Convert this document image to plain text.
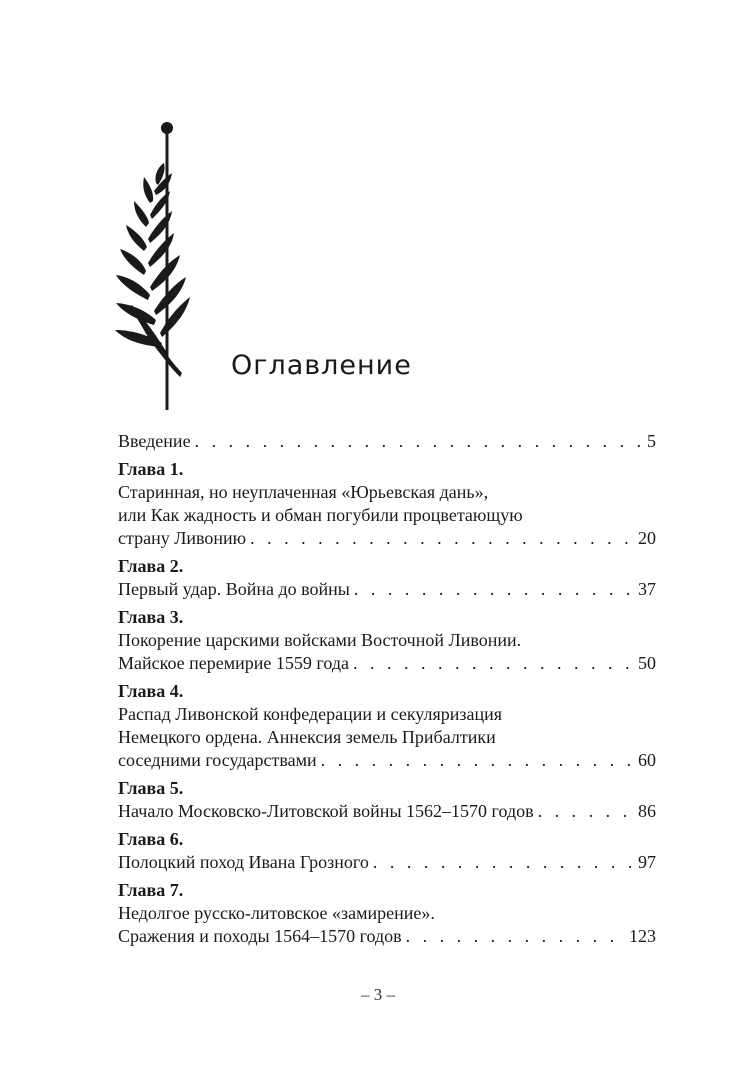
Оглавление
Введение . . .	5
Глава 1.
Старинная, но неуплаченная «Юрьевская дань»,
или Как жадность и обман погубили процветающую
страну Ливонию . . .	20
Глава 2.
Первый удар. Война до войны . . .	37
Глава 3.
Покорение царскими войсками Восточной Ливонии.
Майское перемирие 1559 года . . .	50
Глава 4.
Распад Ливонской конфедерации и секуляризация
Немецкого ордена. Аннексия земель Прибалтики
соседними государствами . . .	60
Глава 5.
Начало Московско-Литовской войны 1562–1570 годов . . .	86
Глава 6.
Полоцкий поход Ивана Грозного . . .	97
Глава 7.
Недолгое русско-литовское «замирение».
Сражения и походы 1564–1570 годов . . .	123
– 3 –
